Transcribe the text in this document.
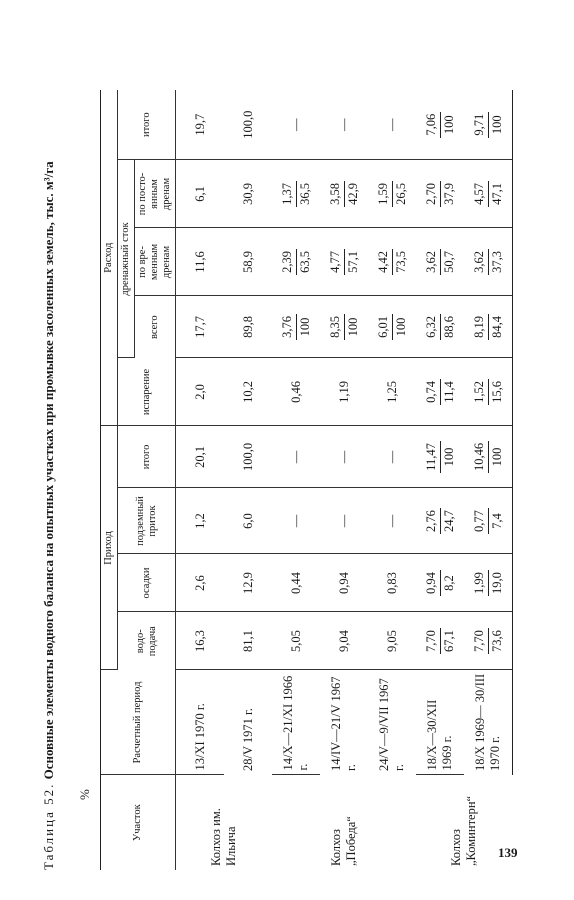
Таблица 52. Основные элементы водного баланса на опытных участках при промывке засоленных земель, тыс. м³/га
%
Участок	Расчетный период	Приход				Расход				
		водо-подача	осадки	подземный приток	итого	испарение	дренажный сток			итого
							всего	по вре-менным дренам	по посто-янным дренам	
Колхоз им. Ильича	13/XI 1970 г.	16,3	2,6	1,2	20,1	2,0	17,7	11,6	6,1	19,7
	28/V 1971 г.	81,1	12,9	6,0	100,0	10,2	89,8	58,9	30,9	100,0
Колхоз „Победа“	14/X—21/XI 1966 г.	5,05	0,44	—	—	0,46	3,76 100	2,39 63,5	1,37 36,5	—
	14/IV—21/V 1967 г.	9,04	0,94	—	—	1,19	8,35 100	4,77 57,1	3,58 42,9	—
	24/V—9/VII 1967 г.	9,05	0,83	—	—	1,25	6,01 100	4,42 73,5	1,59 26,5	—
Колхоз „Коминтерн“	18/X—30/XII 1969 г.	7,70 67,1	0,94 8,2	2,76 24,7	11,47 100	0,74 11,4	6,32 88,6	3,62 50,7	2,70 37,9	7,06 100

	18/X 1969— 30/III 1970 г.	7,70 73,6	1,99 19,0	0,77 7,4	10,46 100	1,52 15,6	8,19 84,4	3,62 37,3	4,57 47,1	9,71 100
139
